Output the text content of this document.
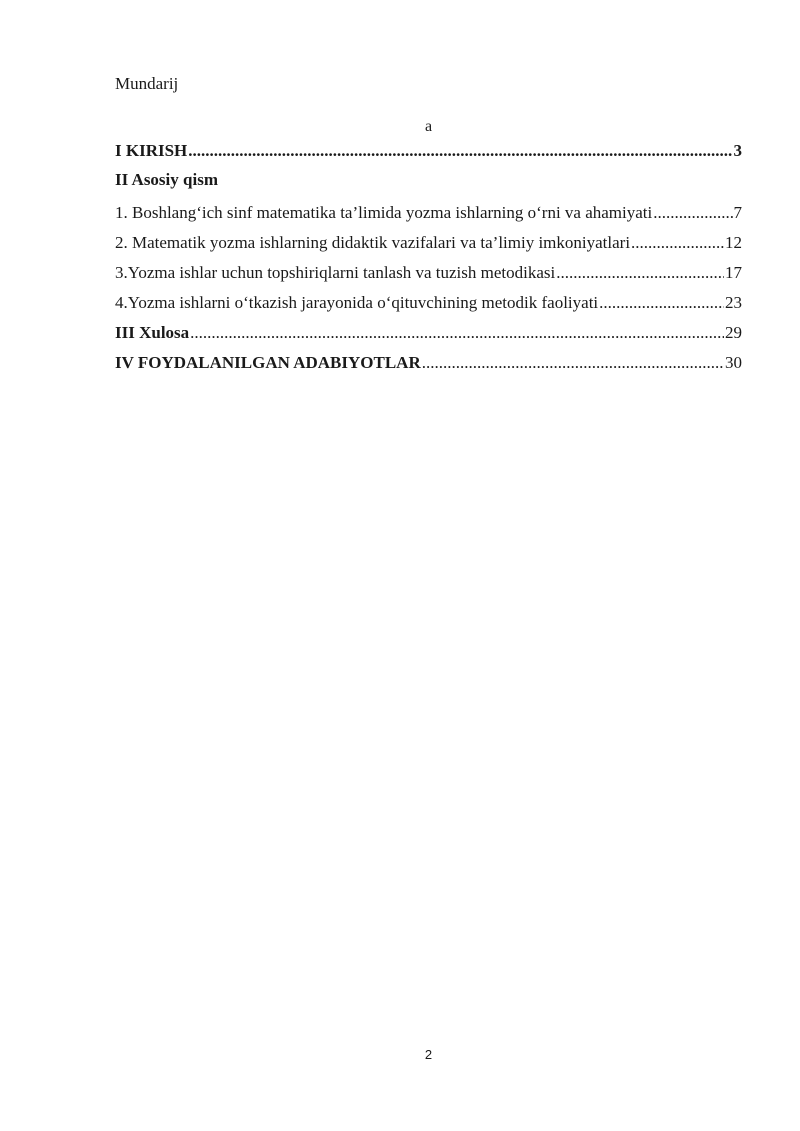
Mundarij
a
I KIRISH .....	3
II Asosiy qism
1. Boshlang‘ich sinf matematika ta’limida yozma ishlarning o‘rni va ahamiyati .....	7
2. Matematik yozma ishlarning didaktik vazifalari va ta’limiy imkoniyatlari .....	12
3.Yozma ishlar uchun topshiriqlarni tanlash va tuzish metodikasi .....	17
4.Yozma ishlarni o‘tkazish jarayonida o‘qituvchining metodik faoliyati .....	23
III Xulosa .....	29
IV FOYDALANILGAN ADABIYOTLAR .....	30
2
